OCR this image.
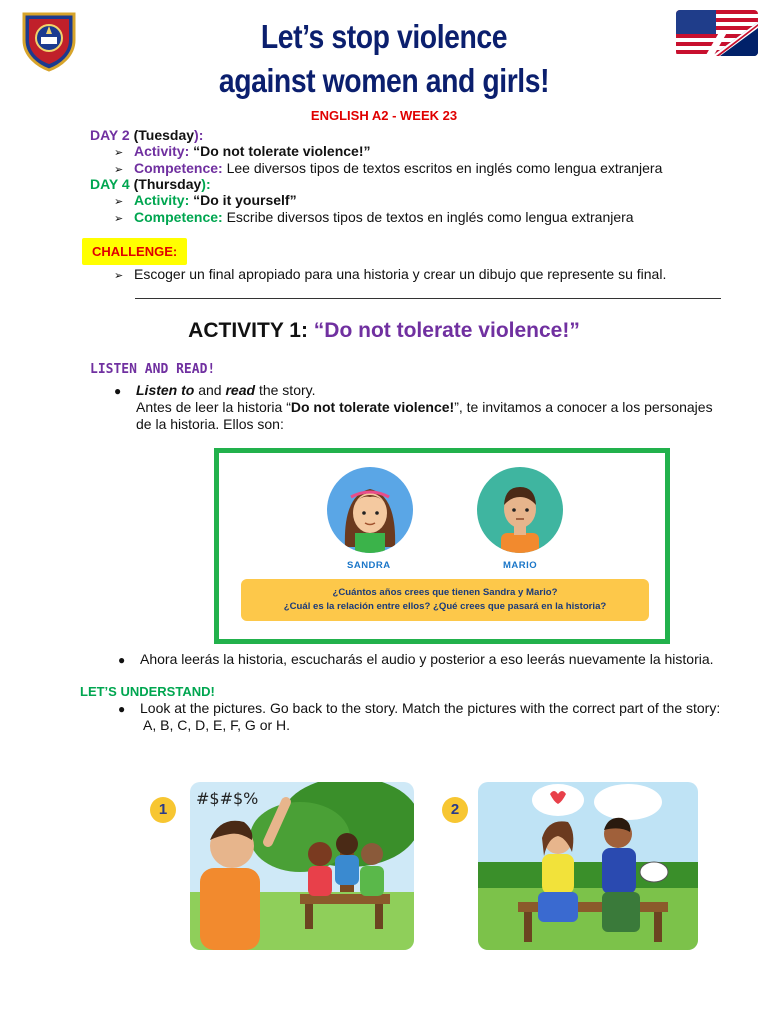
Let’s stop violence
against women and girls!
ENGLISH A2 - WEEK 23
DAY 2 (Tuesday):
➢ Activity: “Do not tolerate violence!”
➢ Competence: Lee diversos tipos de textos escritos en inglés como lengua extranjera
DAY 4 (Thursday):
➢ Activity: “Do it yourself”
➢ Competence: Escribe diversos tipos de textos en inglés como lengua extranjera
CHALLENGE:
➢ Escoger un final apropiado para una historia y crear un dibujo que represente su final.
ACTIVITY 1: “Do not tolerate violence!”
LISTEN AND READ!
● Listen to and read the story.
Antes de leer la historia “Do not tolerate violence!”, te invitamos a conocer a los personajes
de la historia. Ellos son:
SANDRA	MARIO
¿Cuántos años crees que tienen Sandra y Mario?
¿Cuál es la relación entre ellos? ¿Qué crees que pasará en la historia?
● Ahora leerás la historia, escucharás el audio y posterior a eso leerás nuevamente la historia.
LET’S UNDERSTAND!
● Look at the pictures. Go back to the story. Match the pictures with the correct part of the story:
A, B, C, D, E, F, G or H.
1
#$#$%
2
